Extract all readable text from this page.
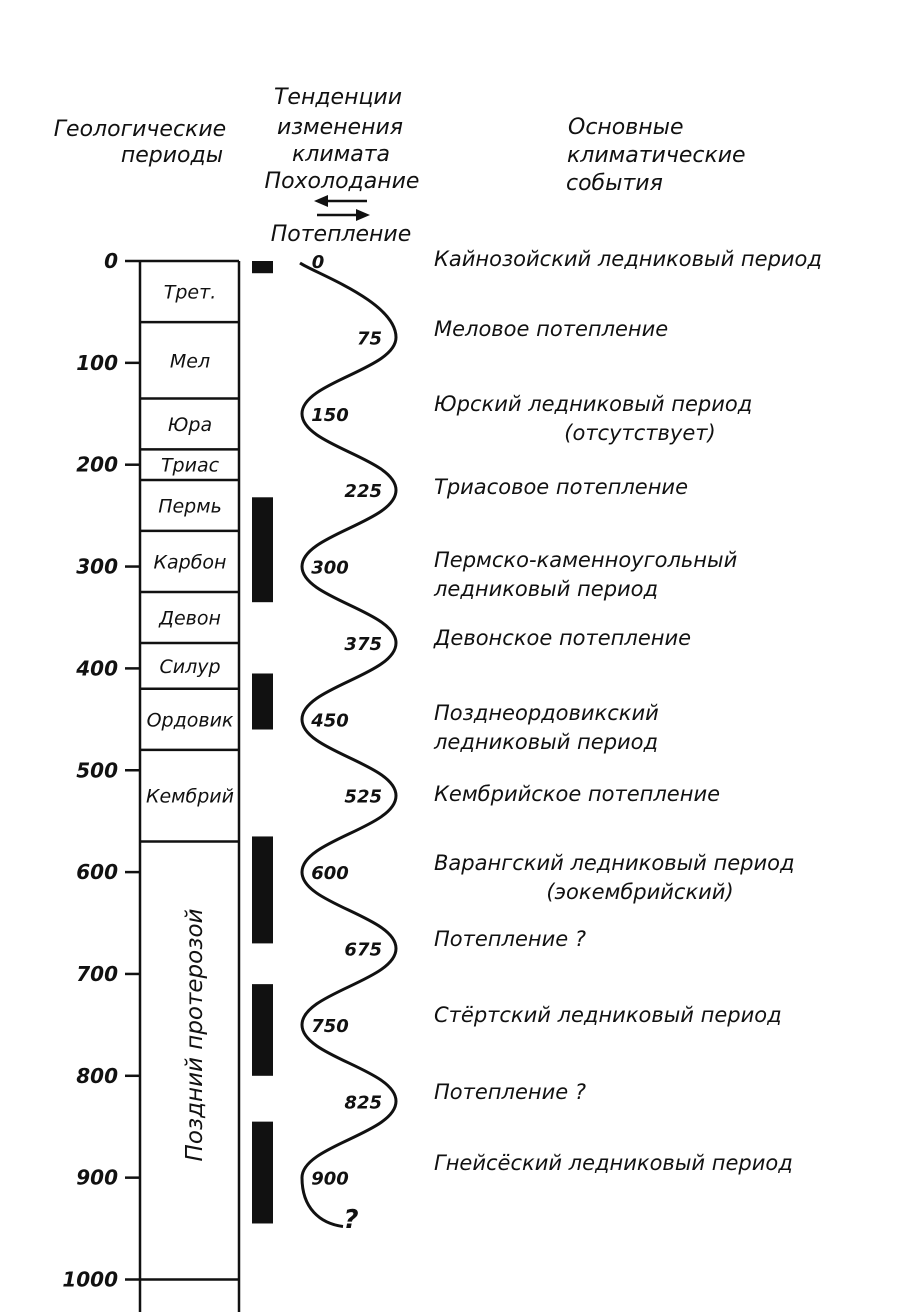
Геологические
периоды
Тенденции
изменения
климата
Похолодание
Потепление
Основные
климатические
события
0
100
200
300
400
500
600
700
800
900
1000
Трет.
Мел
Юра
Триас
Пермь
Карбон
Девон
Силур
Ордовик
Кембрий
Поздний протерозой
0
75
150
225
300
375
450
525
600
675
750
825
900
?
Кайнозойский ледниковый период
Меловое потепление
Юрский ледниковый период
(отсутствует)
Триасовое потепление
Пермско-каменноугольный
ледниковый период
Девонское потепление
Позднеордовикский
ледниковый период
Кембрийское потепление
Варангский ледниковый период
(эокембрийский)
Потепление ?
Стёртский ледниковый период
Потепление ?
Гнейсёский ледниковый период
